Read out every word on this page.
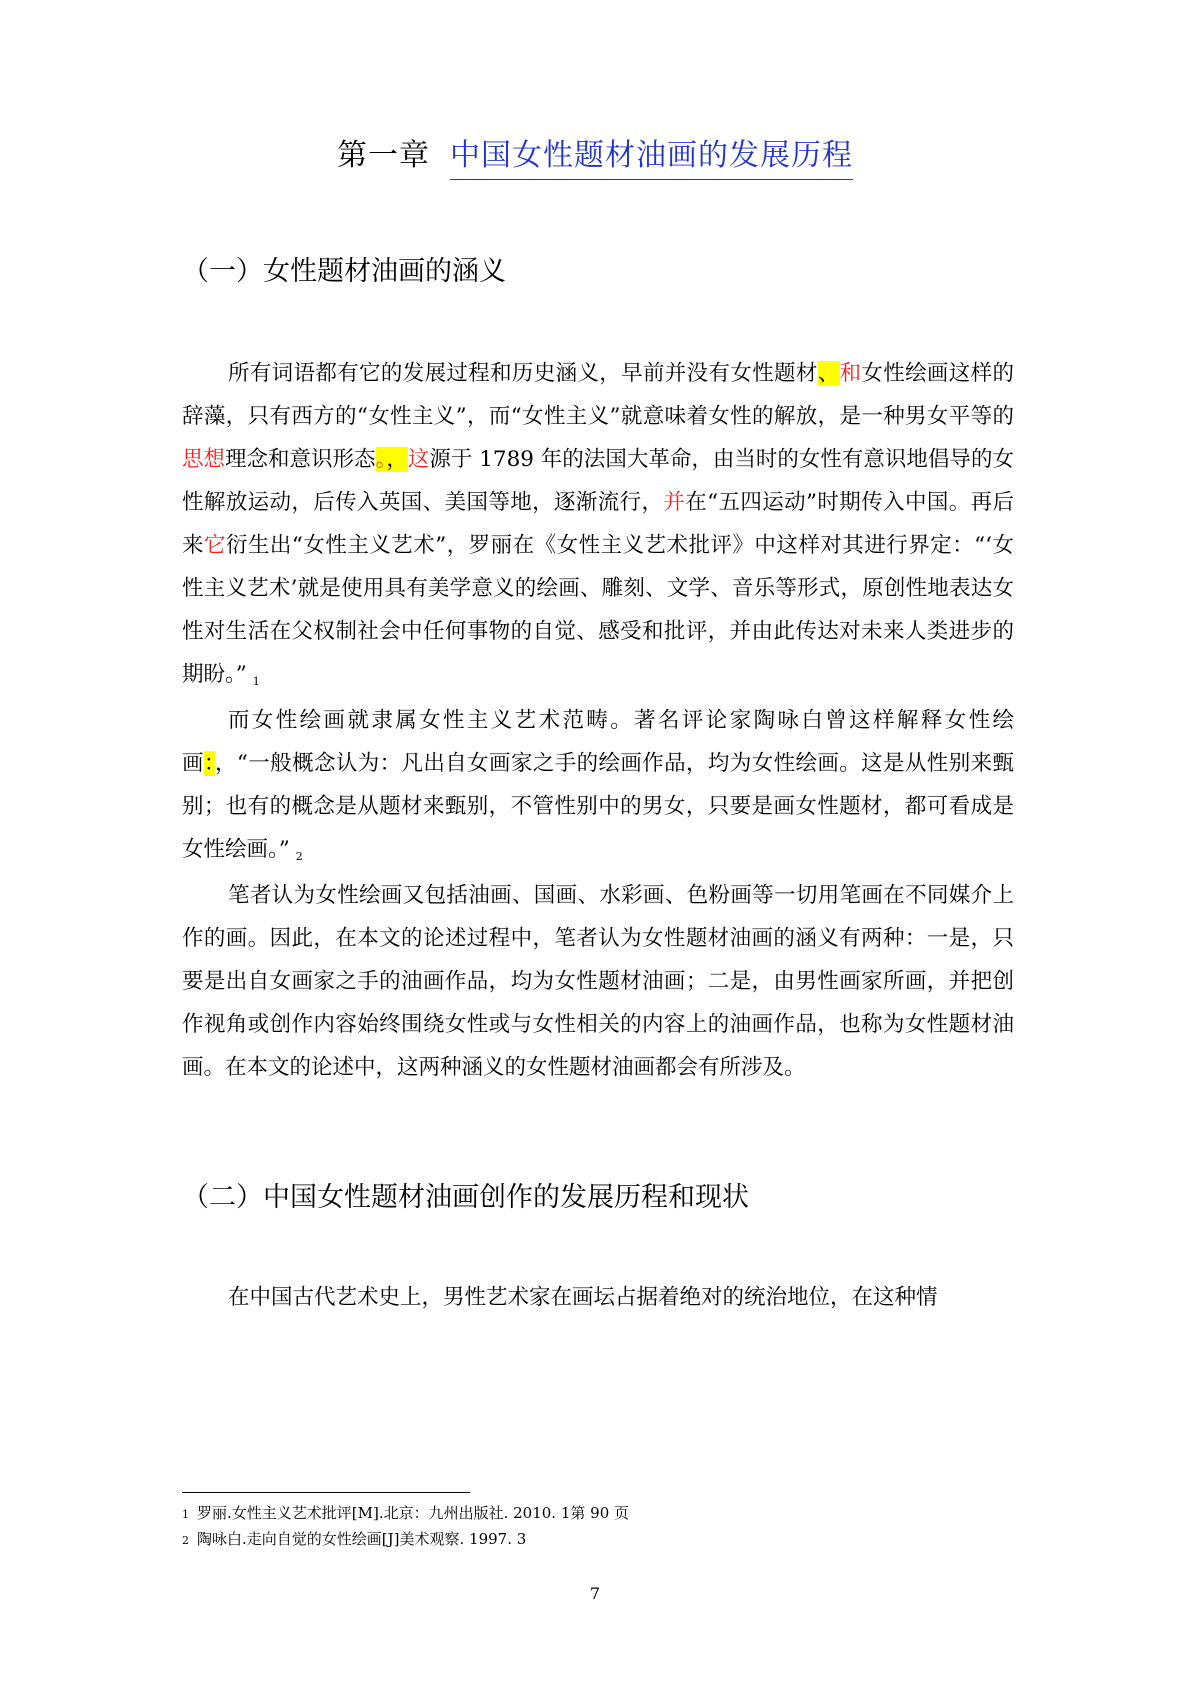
第一章 中国女性题材油画的发展历程
（一）女性题材油画的涵义

所有词语都有它的发展过程和历史涵义，早前并没有女性题材、和女性绘画这样的辞藻，只有西方的“女性主义”，而“女性主义”就意味着女性的解放，是一种男女平等的思想理念和意识形态。，这源于 1789 年的法国大革命，由当时的女性有意识地倡导的女性解放运动，后传入英国、美国等地，逐渐流行，并在“五四运动”时期传入中国。再后来它衍生出“女性主义艺术”，罗丽在《女性主义艺术批评》中这样对其进行界定：“‘女性主义艺术’就是使用具有美学意义的绘画、雕刻、文学、音乐等形式，原创性地表达女性对生活在父权制社会中任何事物的自觉、感受和批评，并由此传达对未来人类进步的期盼。” $^1$

而女性绘画就隶属女性主义艺术范畴。著名评论家陶咏白曾这样解释女性绘画：，“一般概念认为：凡出自女画家之手的绘画作品，均为女性绘画。这是从性别来甄别；也有的概念是从题材来甄别，不管性别中的男女，只要是画女性题材，都可看成是女性绘画。” $^2$

笔者认为女性绘画又包括油画、国画、水彩画、色粉画等一切用笔画在不同媒介上作的画。因此，在本文的论述过程中，笔者认为女性题材油画的涵义有两种：一是，只要是出自女画家之手的油画作品，均为女性题材油画；二是，由男性画家所画，并把创作视角或创作内容始终围绕女性或与女性相关的内容上的油画作品，也称为女性题材油画。在本文的论述中，这两种涵义的女性题材油画都会有所涉及。

（二）中国女性题材油画创作的发展历程和现状

在中国古代艺术史上，男性艺术家在画坛占据着绝对的统治地位，在这种情

1 罗丽.女性主义艺术批评[M].北京：九州出版社. 2010. 1第 90 页
2 陶咏白.走向自觉的女性绘画[J]美术观察. 1997. 3
7
